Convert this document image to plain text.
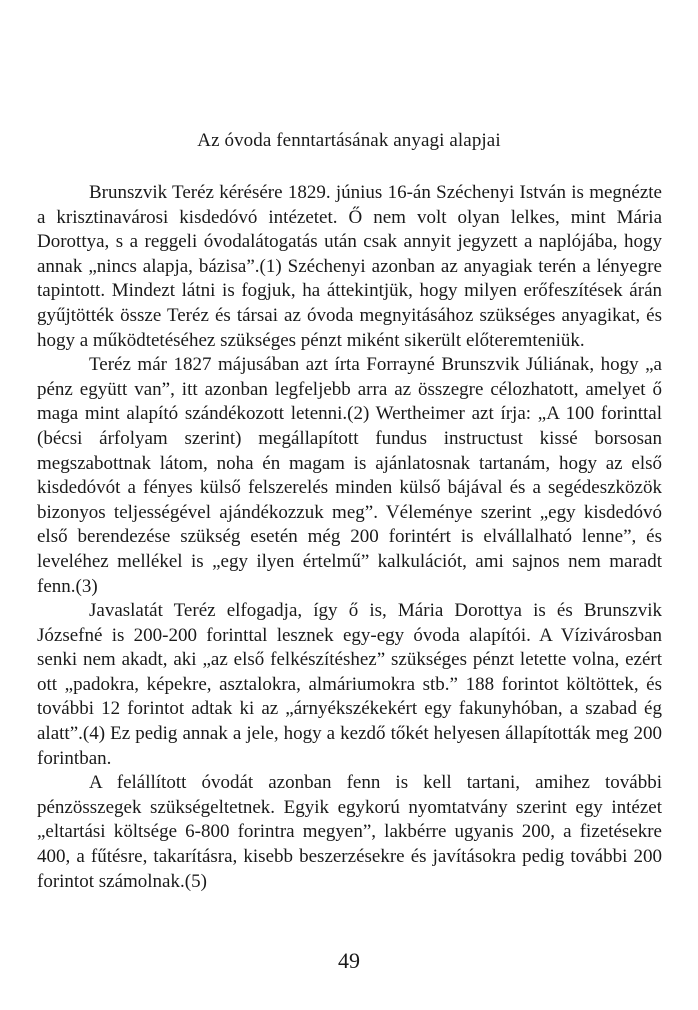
Az óvoda fenntartásának anyagi alapjai

Brunszvik Teréz kérésére 1829. június 16-án Széchenyi István is megnézte a krisztinavárosi kisdedóvó intézetet. Ő nem volt olyan lelkes, mint Mária Dorottya, s a reggeli óvodalátogatás után csak annyit jegyzett a naplójába, hogy annak „nincs alapja, bázisa”.(1) Széchenyi azonban az anyagiak terén a lényegre tapintott. Mindezt látni is fogjuk, ha áttekintjük, hogy milyen erőfeszítések árán gyűjtötték össze Teréz és társai az óvoda megnyitásához szükséges anyagikat, és hogy a működtetéséhez szükséges pénzt miként sikerült előteremteniük.

Teréz már 1827 májusában azt írta Forrayné Brunszvik Júliának, hogy „a pénz együtt van”, itt azonban legfeljebb arra az összegre célozhatott, amelyet ő maga mint alapító szándékozott letenni.(2) Wertheimer azt írja: „A 100 forinttal (bécsi árfolyam szerint) megállapított fundus instructust kissé borsosan megszabottnak látom, noha én magam is ajánlatosnak tartanám, hogy az első kisdedóvót a fényes külső felszerelés minden külső bájával és a segédeszközök bizonyos teljességével ajándékozzuk meg”. Véleménye szerint „egy kisdedóvó első berendezése szükség esetén még 200 forintért is elvállalható lenne”, és leveléhez mellékel is „egy ilyen értelmű” kalkulációt, ami sajnos nem maradt fenn.(3)

Javaslatát Teréz elfogadja, így ő is, Mária Dorottya is és Brunszvik Józsefné is 200-200 forinttal lesznek egy-egy óvoda alapítói. A Vízivárosban senki nem akadt, aki „az első felkészítéshez” szükséges pénzt letette volna, ezért ott „padokra, képekre, asztalokra, almáriumokra stb.” 188 forintot költöttek, és további 12 forintot adtak ki az „árnyékszékekért egy fakunyhóban, a szabad ég alatt”.(4) Ez pedig annak a jele, hogy a kezdő tőkét helyesen állapították meg 200 forintban.

A felállított óvodát azonban fenn is kell tartani, amihez további pénzösszegek szükségeltetnek. Egyik egykorú nyomtatvány szerint egy intézet „eltartási költsége 6-800 forintra megyen”, lakbérre ugyanis 200, a fizetésekre 400, a fűtésre, takarításra, kisebb beszerzésekre és javításokra pedig további 200 forintot számolnak.(5)

49
